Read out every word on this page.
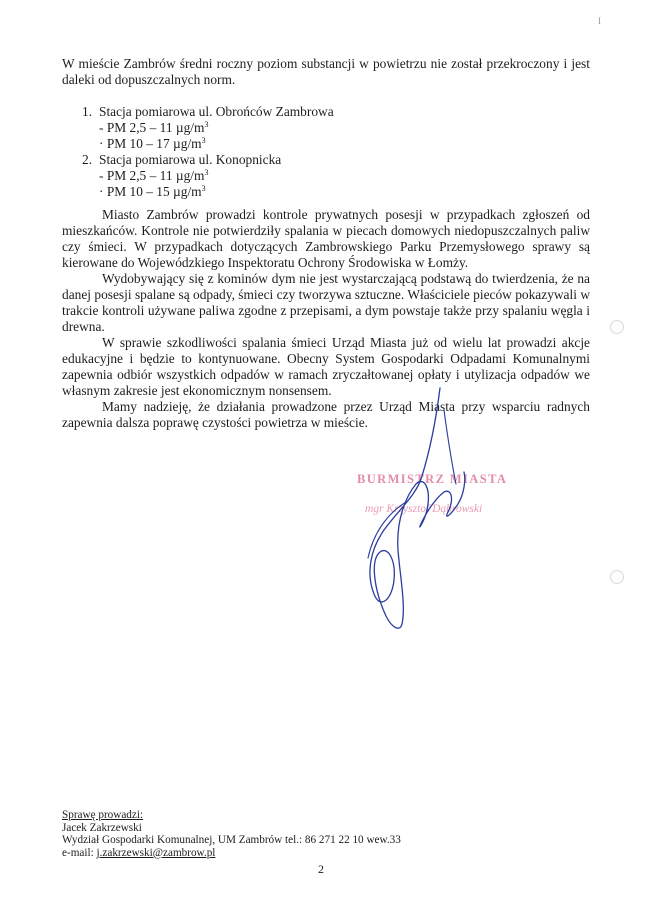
I
W mieście Zambrów średni roczny poziom substancji w powietrzu nie został przekroczony i jest daleki od dopuszczalnych norm.
1. Stacja pomiarowa ul. Obrońców Zambrowa
- PM 2,5 – 11 $\mu g/m^3$
· PM 10 – 17 $\mu g/m^3$
2. Stacja pomiarowa ul. Konopnicka
- PM 2,5 – 11 $\mu g/m^3$
· PM 10 – 15 $\mu g/m^3$

Miasto Zambrów prowadzi kontrole prywatnych posesji w przypadkach zgłoszeń od mieszkańców. Kontrole nie potwierdziły spalania w piecach domowych niedopuszczalnych paliw czy śmieci. W przypadkach dotyczących Zambrowskiego Parku Przemysłowego sprawy są kierowane do Wojewódzkiego Inspektoratu Ochrony Środowiska w Łomży.

Wydobywający się z kominów dym nie jest wystarczającą podstawą do twierdzenia, że na danej posesji spalane są odpady, śmieci czy tworzywa sztuczne. Właściciele pieców pokazywali w trakcie kontroli używane paliwa zgodne z przepisami, a dym powstaje także przy spalaniu węgla i drewna.

W sprawie szkodliwości spalania śmieci Urząd Miasta już od wielu lat prowadzi akcje edukacyjne i będzie to kontynuowane. Obecny System Gospodarki Odpadami Komunalnymi zapewnia odbiór wszystkich odpadów w ramach zryczałtowanej opłaty i utylizacja odpadów we własnym zakresie jest ekonomicznym nonsensem.

Mamy nadzieję, że działania prowadzone przez Urząd Miasta przy wsparciu radnych zapewnia dalsza poprawę czystości powietrza w mieście.

BURMISTRZ MIASTA
mgr Krzysztof Dąbrowski
Sprawę prowadzi:
Jacek Zakrzewski
Wydział Gospodarki Komunalnej, UM Zambrów tel.: 86 271 22 10 wew.33
e-mail: j.zakrzewski@zambrow.pl
2
